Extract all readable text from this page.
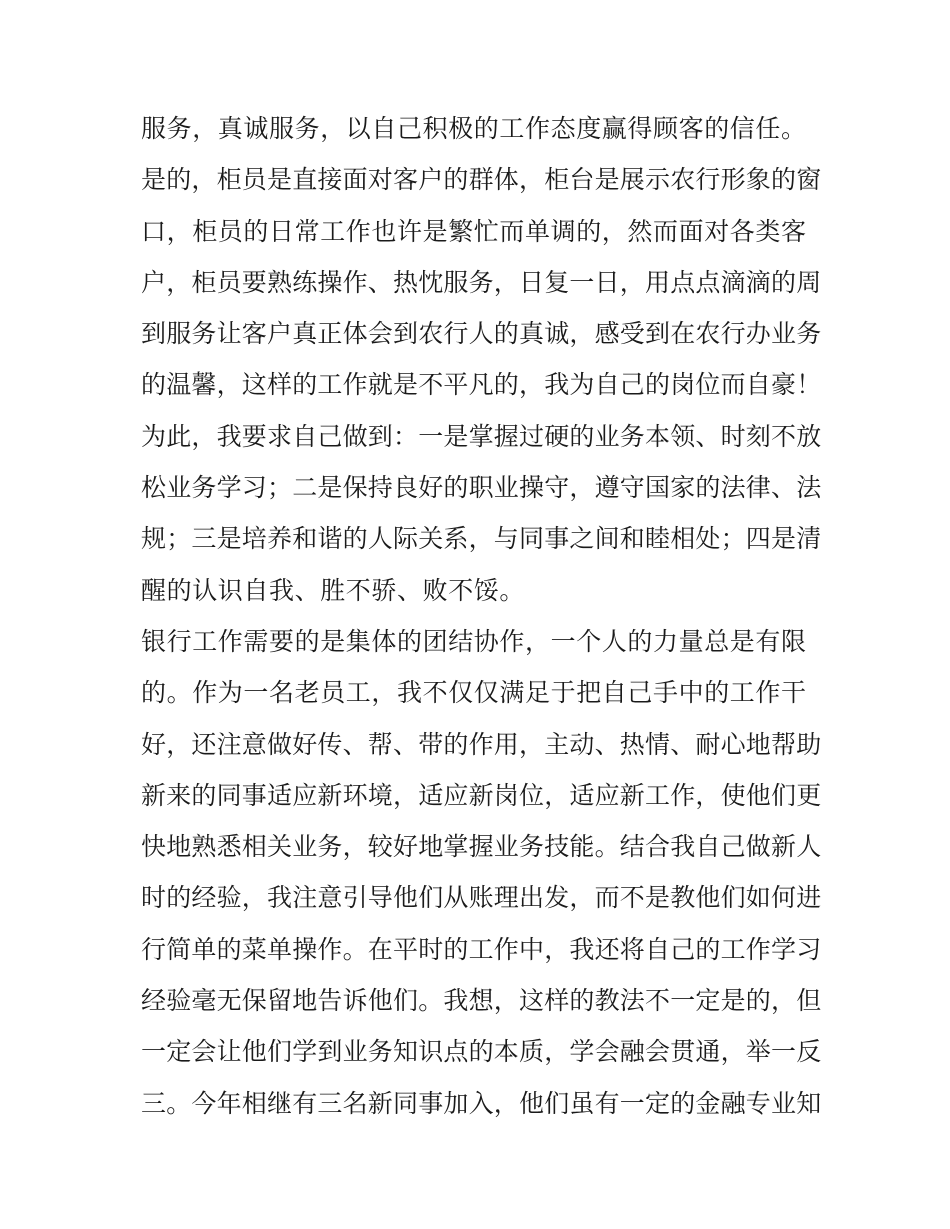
服务，真诚服务，以自己积极的工作态度赢得顾客的信任。
是的，柜员是直接面对客户的群体，柜台是展示农行形象的窗
口，柜员的日常工作也许是繁忙而单调的，然而面对各类客
户，柜员要熟练操作、热忱服务，日复一日，用点点滴滴的周
到服务让客户真正体会到农行人的真诚，感受到在农行办业务
的温馨，这样的工作就是不平凡的，我为自己的岗位而自豪！
为此，我要求自己做到：一是掌握过硬的业务本领、时刻不放
松业务学习；二是保持良好的职业操守，遵守国家的法律、法
规；三是培养和谐的人际关系，与同事之间和睦相处；四是清
醒的认识自我、胜不骄、败不馁。
银行工作需要的是集体的团结协作，一个人的力量总是有限
的。作为一名老员工，我不仅仅满足于把自己手中的工作干
好，还注意做好传、帮、带的作用，主动、热情、耐心地帮助
新来的同事适应新环境，适应新岗位，适应新工作，使他们更
快地熟悉相关业务，较好地掌握业务技能。结合我自己做新人
时的经验，我注意引导他们从账理出发，而不是教他们如何进
行简单的菜单操作。在平时的工作中，我还将自己的工作学习
经验毫无保留地告诉他们。我想，这样的教法不一定是的，但
一定会让他们学到业务知识点的本质，学会融会贯通，举一反
三。今年相继有三名新同事加入，他们虽有一定的金融专业知
